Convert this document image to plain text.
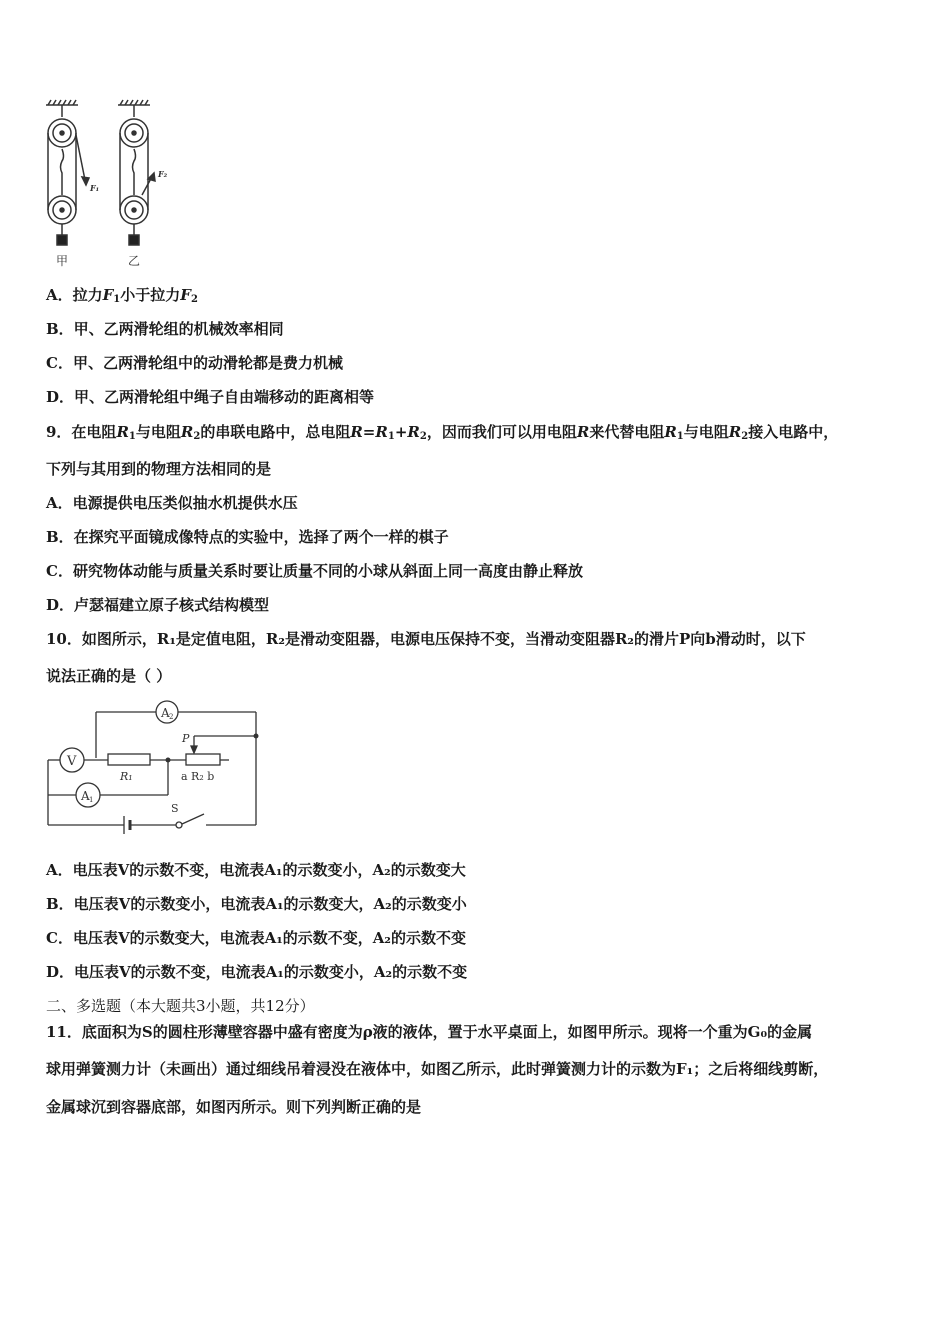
F₁
甲
F₂
乙
A．拉力$F_1$小于拉力$F_2$
B．甲、乙两滑轮组的机械效率相同
C．甲、乙两滑轮组中的动滑轮都是费力机械
D．甲、乙两滑轮组中绳子自由端移动的距离相等
9．在电阻$R_1$与电阻$R_2$的串联电路中，总电阻$R=R_1+R_2$，因而我们可以用电阻R来代替电阻$R_1$与电阻$R_2$接入电路中，
下列与其用到的物理方法相同的是
A．电源提供电压类似抽水机提供水压
B．在探究平面镜成像特点的实验中，选择了两个一样的棋子
C．研究物体动能与质量关系时要让质量不同的小球从斜面上同一高度由静止释放
D．卢瑟福建立原子核式结构模型
10．如图所示，R₁是定值电阻，R₂是滑动变阻器，电源电压保持不变，当滑动变阻器R₂的滑片P向b滑动时，以下
说法正确的是（ ）
A 2
V
A 1
R₁
P
a R₂ b
S
A．电压表V的示数不变，电流表A₁的示数变小，A₂的示数变大
B．电压表V的示数变小，电流表A₁的示数变大，A₂的示数变小
C．电压表V的示数变大，电流表A₁的示数不变，A₂的示数不变
D．电压表V的示数不变，电流表A₁的示数变小，A₂的示数不变
二、多选题（本大题共3小题，共12分）
11．底面积为S的圆柱形薄壁容器中盛有密度为ρ液的液体，置于水平桌面上，如图甲所示。现将一个重为G₀的金属
球用弹簧测力计（未画出）通过细线吊着浸没在液体中，如图乙所示，此时弹簧测力计的示数为F₁；之后将细线剪断，
金属球沉到容器底部，如图丙所示。则下列判断正确的是
